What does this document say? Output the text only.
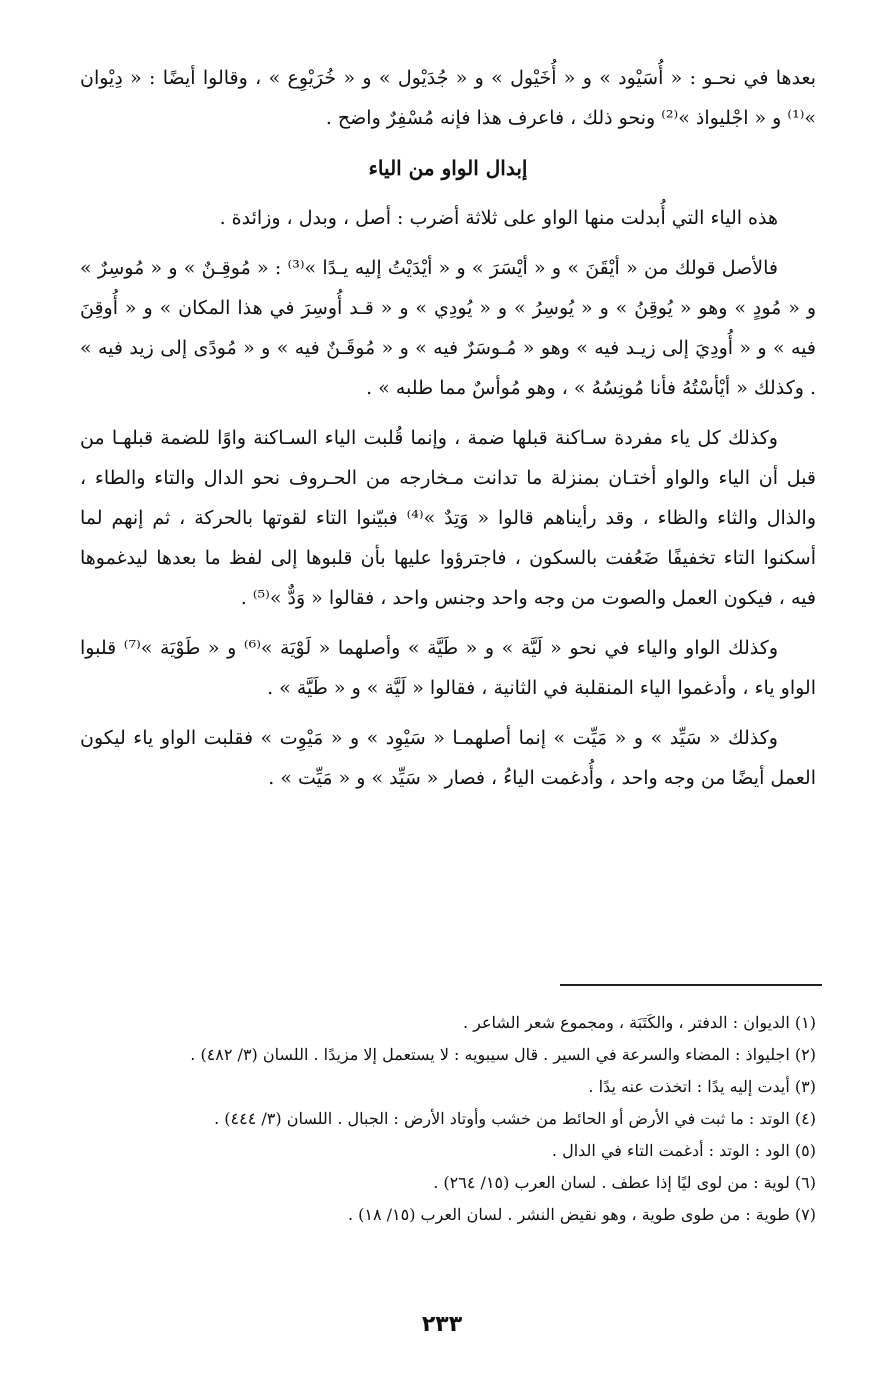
بعدها في نحـو : « أُسَيْود » و « أُخَيْول » و « جُدَيْول » و « خُرَيْوِع » ، وقالوا أيضًا : « دِيْوان »⁽¹⁾ و « اجْليواذ »⁽²⁾ ونحو ذلك ، فاعرف هذا فإنه مُسْفِرٌ واضح .

إبدال الواو من الياء

هذه الياء التي أُبدلت منها الواو على ثلاثة أضرب : أصل ، وبدل ، وزائدة .

فالأصل قولك من « أيْقَنَ » و « أيْسَرَ » و « أيْدَيْتُ إليه يـدًا »⁽³⁾ : « مُوقِـنٌ » و « مُوسِرٌ » و « مُودٍ » وهو « يُوقِنُ » و « يُوسِرُ » و « يُودِي » و « قـد أُوسِرَ في هذا المكان » و « أُوقِنَ فيه » و « أُودِيَ إلى زيـد فيه » وهو « مُـوسَرٌ فيه » و « مُوقَـنٌ فيه » و « مُودًى إلى زيد فيه » . وكذلك « أيْأسْتُهُ فأنا مُونِسُهُ » ، وهو مُوأسٌ مما طلبه » .

وكذلك كل ياء مفردة سـاكنة قبلها ضمة ، وإنما قُلبت الياء السـاكنة واوًا للضمة قبلهـا من قبل أن الياء والواو أختـان بمنزلة ما تدانت مـخارجه من الحـروف نحو الدال والتاء والطاء ، والذال والثاء والظاء ، وقد رأيناهم قالوا « وَتِدٌ »⁽⁴⁾ فبيّنوا التاء لقوتها بالحركة ، ثم إنهم لما أسكنوا التاء تخفيفًا ضَعُفت بالسكون ، فاجترؤوا عليها بأن قلبوها إلى لفظ ما بعدها ليدغموها فيه ، فيكون العمل والصوت من وجه واحد وجنس واحد ، فقالوا « وَدٌّ »⁽⁵⁾ .

وكذلك الواو والياء في نحو « لَيَّة » و « طَيَّة » وأصلهما « لَوْيَة »⁽⁶⁾ و « طَوْيَة »⁽⁷⁾ قلبوا الواو ياء ، وأدغموا الياء المنقلبة في الثانية ، فقالوا « لَيَّة » و « طَيَّة » .

وكذلك « سَيِّد » و « مَيِّت » إنما أصلهمـا « سَيْوِد » و « مَيْوِت » فقلبت الواو ياء ليكون العمل أيضًا من وجه واحد ، وأُدغمت الياءُ ، فصار « سَيِّد » و « مَيِّت » .

(١) الديوان : الدفتر ، والكَتَبَة ، ومجموع شعر الشاعر .

(٢) اجليواذ : المضاء والسرعة في السير . قال سيبويه : لا يستعمل إلا مزيدًا . اللسان (٣/ ٤٨٢) .

(٣) أيدت إليه يدًا : اتخذت عنه يدًا .

(٤) الوتد : ما ثبت في الأرض أو الحائط من خشب وأوتاد الأرض : الجبال . اللسان (٣/ ٤٤٤) .

(٥) الود : الوتد : أدغمت التاء في الدال .

(٦) لوية : من لوى ليًا إذا عطف . لسان العرب (١٥/ ٢٦٤) .

(٧) طوية : من طوى طوية ، وهو نقيض النشر . لسان العرب (١٥/ ١٨) .

٢٣٣
